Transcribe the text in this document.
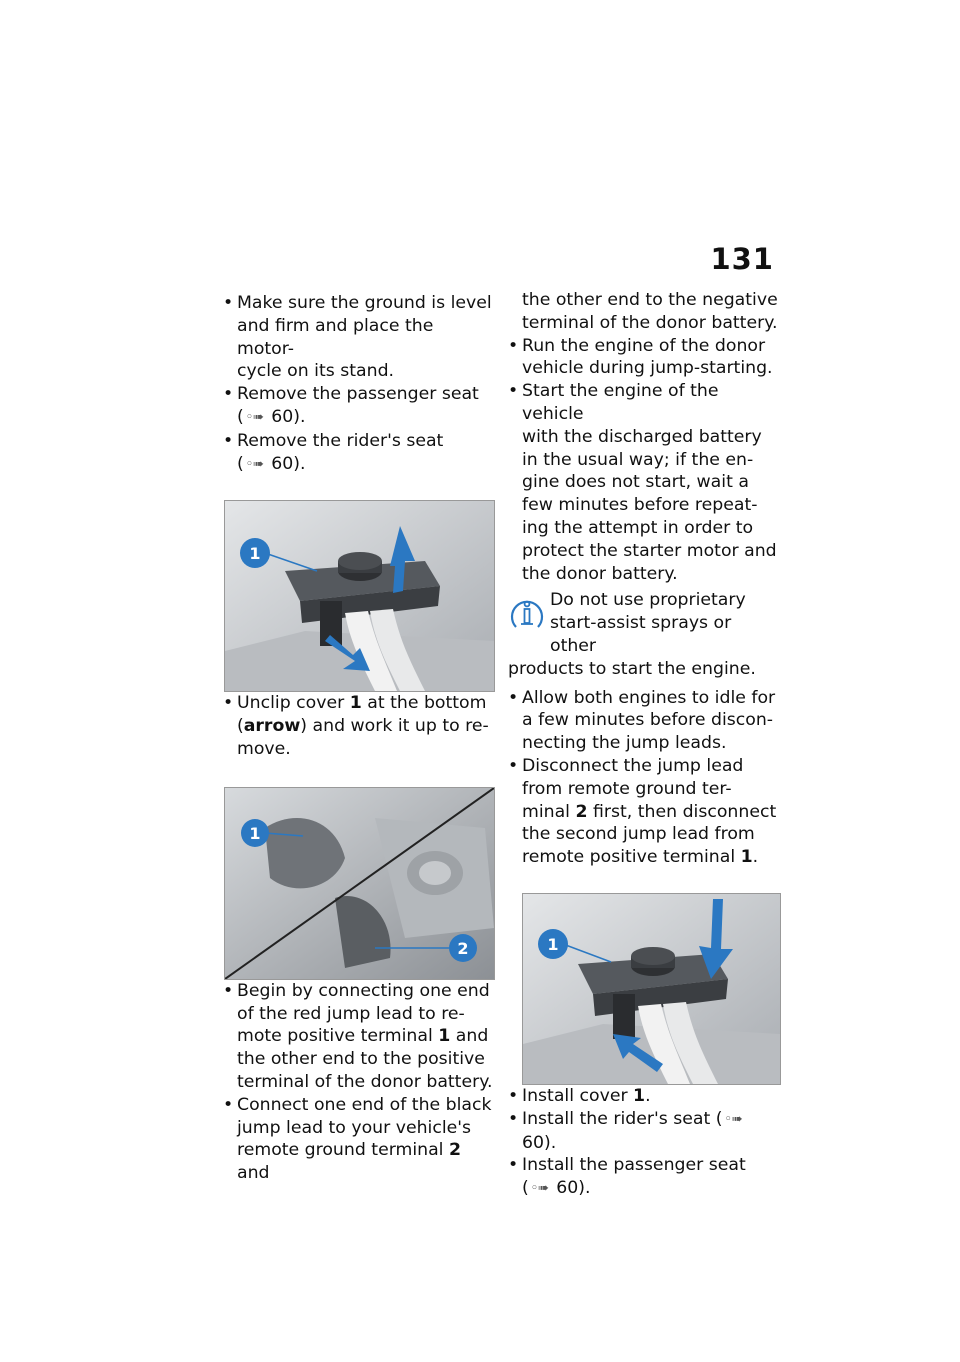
131
• Make sure the ground is level
and firm and place the motor-
cycle on its stand.
• Remove the passenger seat
( ◦➠ 60).
• Remove the rider's seat
( ◦➠ 60).
1
• Unclip cover 1 at the bottom
(arrow) and work it up to re-
move.
1
2
• Begin by connecting one end
of the red jump lead to re-
mote positive terminal 1 and
the other end to the positive
terminal of the donor battery.
• Connect one end of the black
jump lead to your vehicle's
remote ground terminal 2 and
the other end to the negative
terminal of the donor battery.
• Run the engine of the donor
vehicle during jump-starting.
• Start the engine of the vehicle
with the discharged battery
in the usual way; if the en-
gine does not start, wait a
few minutes before repeat-
ing the attempt in order to
protect the starter motor and
the donor battery.
Do not use proprietary
start-assist sprays or other
products to start the engine.
• Allow both engines to idle for
a few minutes before discon-
necting the jump leads.
• Disconnect the jump lead
from remote ground ter-
minal 2 first, then disconnect
the second jump lead from
remote positive terminal 1.
1
• Install cover 1.
• Install the rider's seat ( ◦➠ 60).
• Install the passenger seat
( ◦➠ 60).
